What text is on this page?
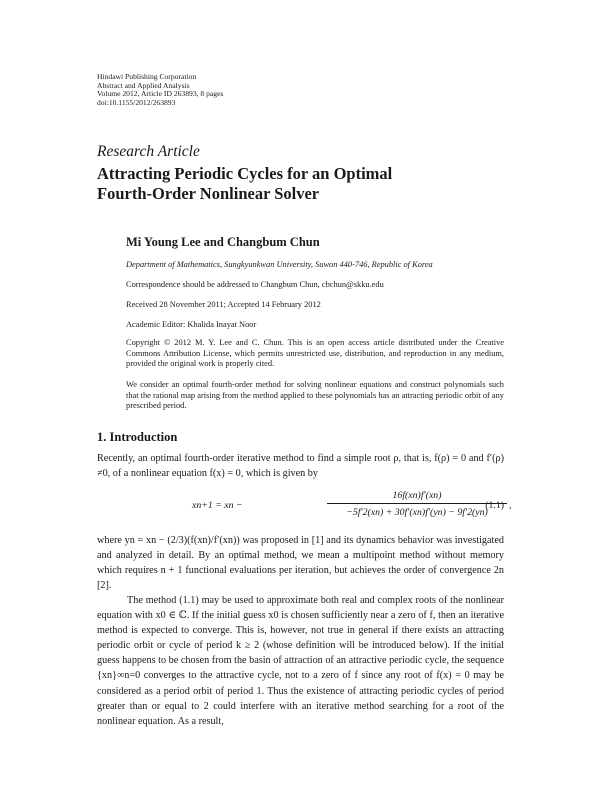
Hindawi Publishing Corporation
Abstract and Applied Analysis
Volume 2012, Article ID 263893, 8 pages
doi:10.1155/2012/263893
Research Article
Attracting Periodic Cycles for an Optimal
Fourth-Order Nonlinear Solver
Mi Young Lee and Changbum Chun
Department of Mathematics, Sungkyunkwan University, Suwon 440-746, Republic of Korea
Correspondence should be addressed to Changbum Chun, cbchun@skku.edu
Received 28 November 2011; Accepted 14 February 2012
Academic Editor: Khalida Inayat Noor
Copyright © 2012 M. Y. Lee and C. Chun. This is an open access article distributed under the Creative Commons Attribution License, which permits unrestricted use, distribution, and reproduction in any medium, provided the original work is properly cited.
We consider an optimal fourth-order method for solving nonlinear equations and construct polynomials such that the rational map arising from the method applied to these polynomials has an attracting periodic orbit of any prescribed period.
1. Introduction
Recently, an optimal fourth-order iterative method to find a simple root ρ, that is, f(ρ) = 0 and f′(ρ) ≠0, of a nonlinear equation f(x) = 0, which is given by
xn+1 = xn −	$\frac{16f(xn)f'(xn)}{-5f'2(xn) + 30f'(xn)f'(yn) - 9f'2(yn)}$ ,
(1.1)
where yn = xn − (2/3)(f(xn)/f′(xn)) was proposed in [1] and its dynamics behavior was investigated and analyzed in detail. By an optimal method, we mean a multipoint method without memory which requires n + 1 functional evaluations per iteration, but achieves the order of convergence 2n [2].
The method (1.1) may be used to approximate both real and complex roots of the nonlinear equation with x0 ∈ ℂ. If the initial guess x0 is chosen sufficiently near a zero of f, then an iterative method is expected to converge. This is, however, not true in general if there exists an attracting periodic orbit or cycle of period k ≥ 2 (whose definition will be introduced below). If the initial guess happens to be chosen from the basin of attraction of an attractive periodic cycle, the sequence {xn}∞n=0 converges to the attractive cycle, not to a zero of f since any root of f(x) = 0 may be considered as a period orbit of period 1. Thus the existence of attracting periodic cycles of period greater than or equal to 2 could interfere with an iterative method searching for a root of the nonlinear equation. As a result,
